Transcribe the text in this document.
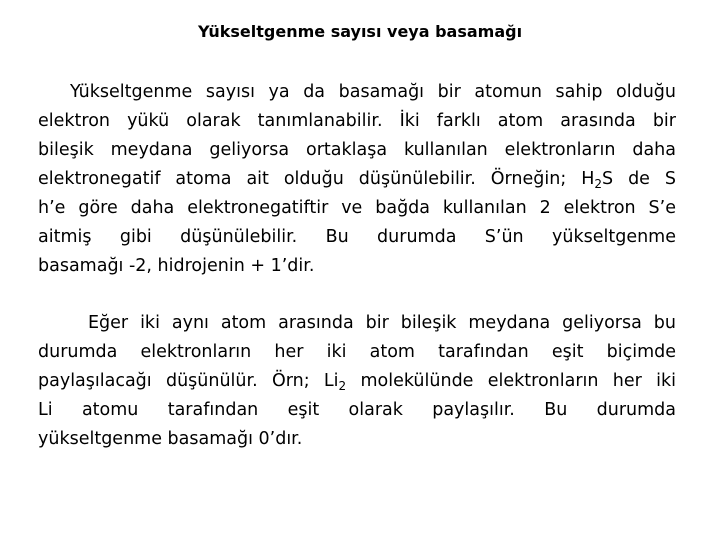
Yükseltgenme sayısı veya basamağı
Yükseltgenme sayısı ya da basamağı bir atomun sahip olduğu
elektron yükü olarak tanımlanabilir. İki farklı atom arasında bir
bileşik meydana geliyorsa ortaklaşa kullanılan elektronların daha
elektronegatif atoma ait olduğu düşünülebilir. Örneğin; $H_2S$ de S
h’e göre daha elektronegatiftir ve bağda kullanılan 2 elektron S’e
aitmiş gibi düşünülebilir. Bu durumda S’ün yükseltgenme
basamağı -2, hidrojenin + 1’dir.
Eğer iki aynı atom arasında bir bileşik meydana geliyorsa bu
durumda elektronların her iki atom tarafından eşit biçimde
paylaşılacağı düşünülür. Örn; $Li_2$ molekülünde elektronların her iki
Li atomu tarafından eşit olarak paylaşılır. Bu durumda
yükseltgenme basamağı 0’dır.
